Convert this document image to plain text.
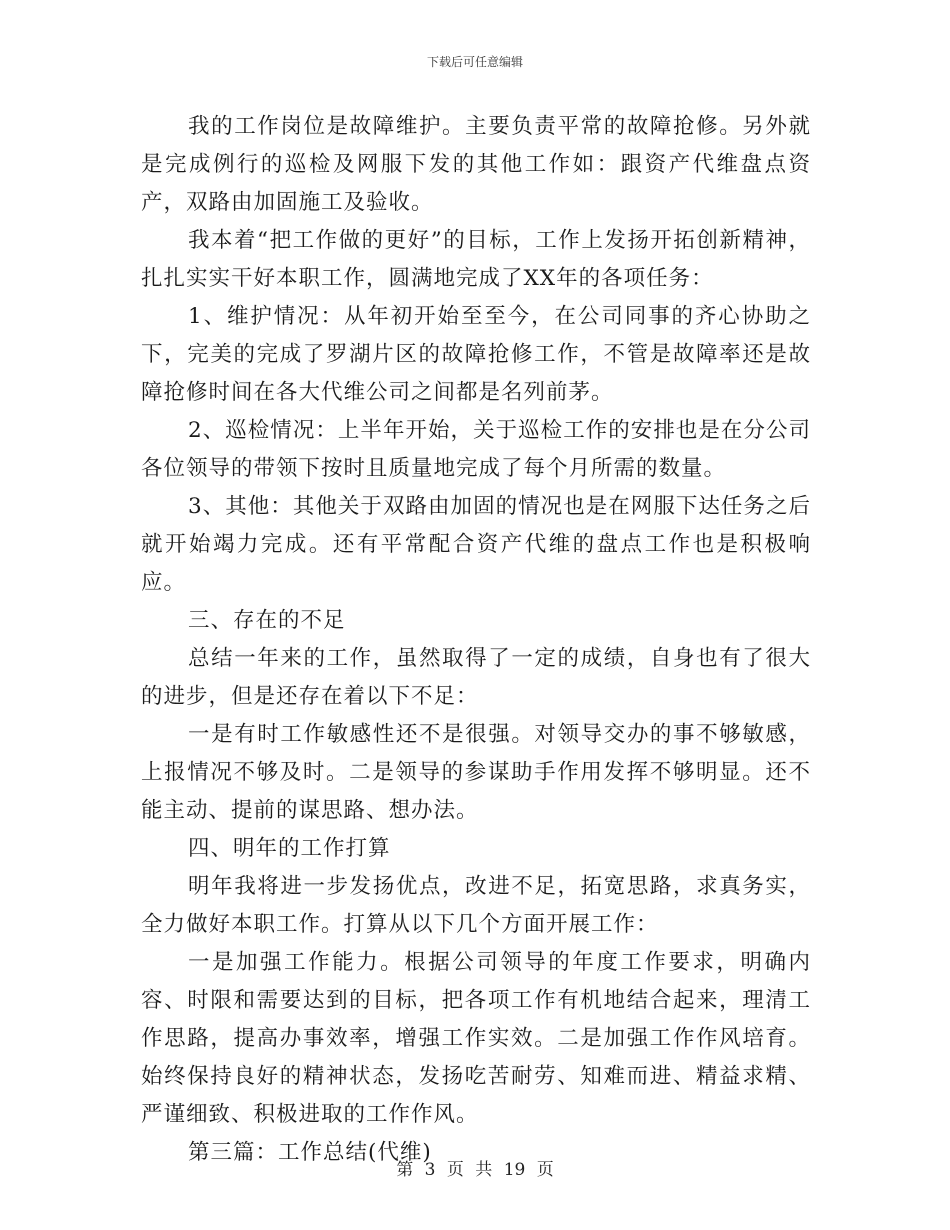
下载后可任意编辑

我的工作岗位是故障维护。主要负责平常的故障抢修。另外就是完成例行的巡检及网服下发的其他工作如：跟资产代维盘点资产，双路由加固施工及验收。

我本着“把工作做的更好”的目标，工作上发扬开拓创新精神，扎扎实实干好本职工作，圆满地完成了XX年的各项任务：

1、维护情况：从年初开始至至今，在公司同事的齐心协助之下，完美的完成了罗湖片区的故障抢修工作，不管是故障率还是故障抢修时间在各大代维公司之间都是名列前茅。

2、巡检情况：上半年开始，关于巡检工作的安排也是在分公司各位领导的带领下按时且质量地完成了每个月所需的数量。

3、其他：其他关于双路由加固的情况也是在网服下达任务之后就开始竭力完成。还有平常配合资产代维的盘点工作也是积极响应。

三、存在的不足

总结一年来的工作，虽然取得了一定的成绩，自身也有了很大的进步，但是还存在着以下不足：

一是有时工作敏感性还不是很强。对领导交办的事不够敏感，上报情况不够及时。二是领导的参谋助手作用发挥不够明显。还不能主动、提前的谋思路、想办法。

四、明年的工作打算

明年我将进一步发扬优点，改进不足，拓宽思路，求真务实，全力做好本职工作。打算从以下几个方面开展工作：

一是加强工作能力。根据公司领导的年度工作要求，明确内容、时限和需要达到的目标，把各项工作有机地结合起来，理清工作思路，提高办事效率，增强工作实效。二是加强工作作风培育。始终保持良好的精神状态，发扬吃苦耐劳、知难而进、精益求精、严谨细致、积极进取的工作作风。

第三篇：工作总结(代维)

第 3 页 共 19 页
